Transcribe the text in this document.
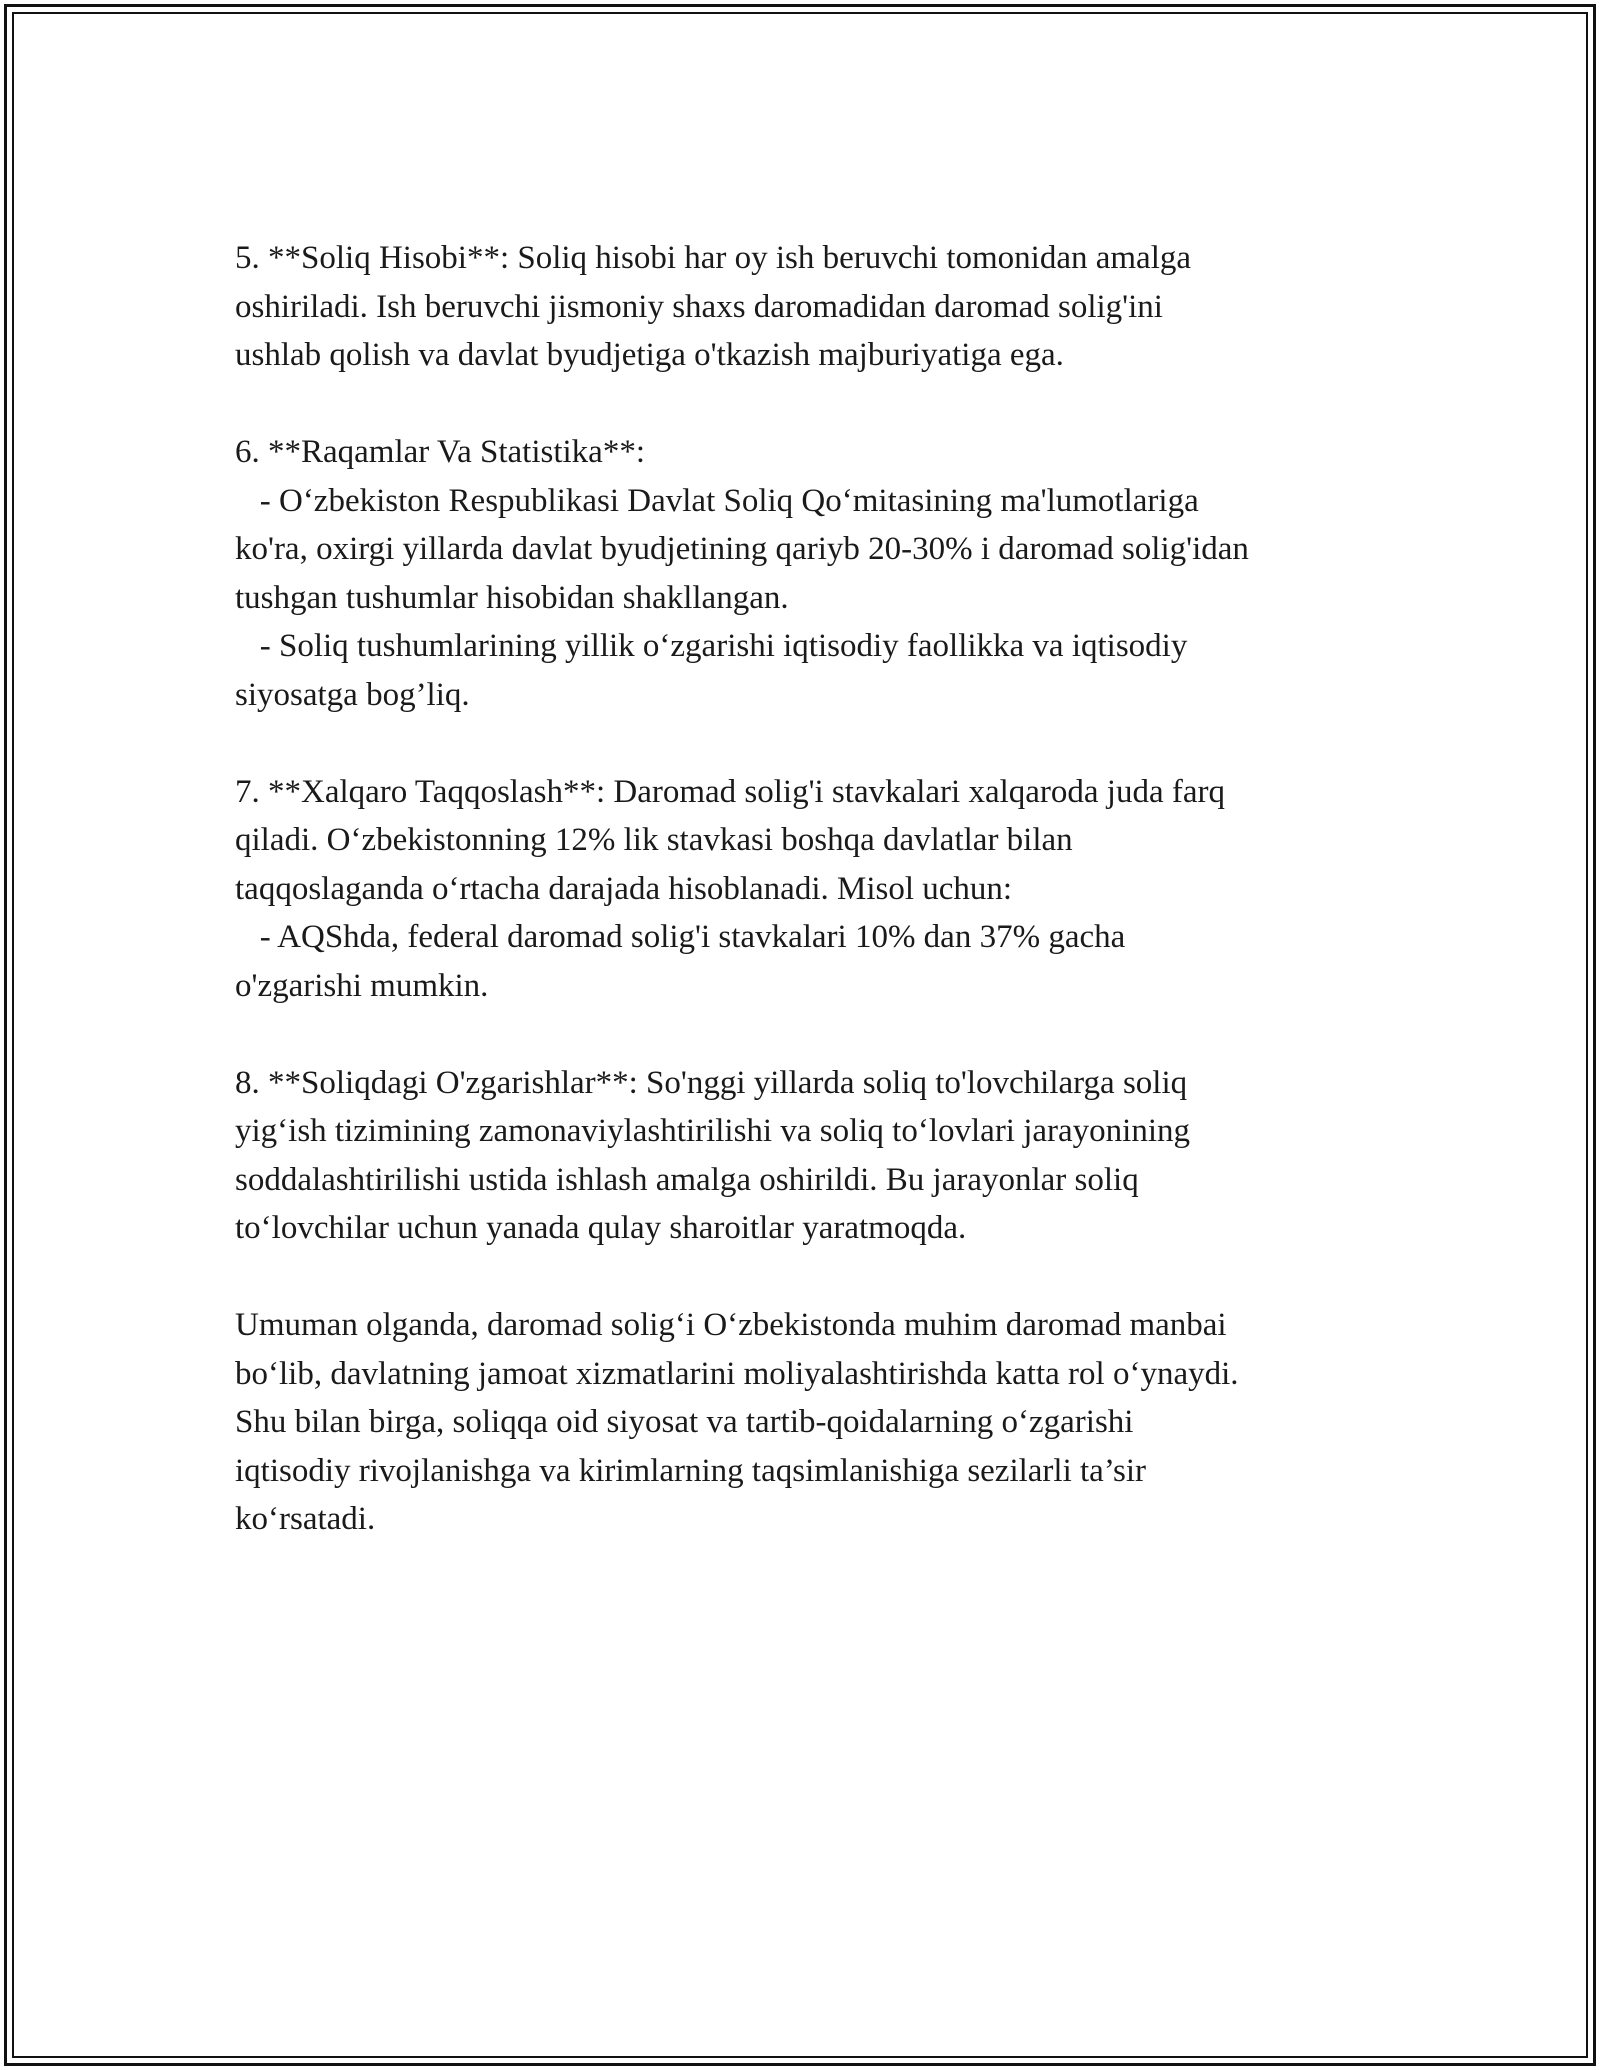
5. **Soliq Hisobi**: Soliq hisobi har oy ish beruvchi tomonidan amalga
oshiriladi. Ish beruvchi jismoniy shaxs daromadidan daromad solig'ini
ushlab qolish va davlat byudjetiga o'tkazish majburiyatiga ega.

6. **Raqamlar Va Statistika**:
- O‘zbekiston Respublikasi Davlat Soliq Qo‘mitasining ma'lumotlariga
ko'ra, oxirgi yillarda davlat byudjetining qariyb 20-30% i daromad solig'idan
tushgan tushumlar hisobidan shakllangan.
- Soliq tushumlarining yillik o‘zgarishi iqtisodiy faollikka va iqtisodiy
siyosatga bog’liq.

7. **Xalqaro Taqqoslash**: Daromad solig'i stavkalari xalqaroda juda farq
qiladi. O‘zbekistonning 12% lik stavkasi boshqa davlatlar bilan
taqqoslaganda o‘rtacha darajada hisoblanadi. Misol uchun:
- AQShda, federal daromad solig'i stavkalari 10% dan 37% gacha
o'zgarishi mumkin.

8. **Soliqdagi O'zgarishlar**: So'nggi yillarda soliq to'lovchilarga soliq
yig‘ish tizimining zamonaviylashtirilishi va soliq to‘lovlari jarayonining
soddalashtirilishi ustida ishlash amalga oshirildi. Bu jarayonlar soliq
to‘lovchilar uchun yanada qulay sharoitlar yaratmoqda.

Umuman olganda, daromad solig‘i O‘zbekistonda muhim daromad manbai
bo‘lib, davlatning jamoat xizmatlarini moliyalashtirishda katta rol o‘ynaydi.
Shu bilan birga, soliqqa oid siyosat va tartib-qoidalarning o‘zgarishi
iqtisodiy rivojlanishga va kirimlarning taqsimlanishiga sezilarli ta’sir
ko‘rsatadi.
